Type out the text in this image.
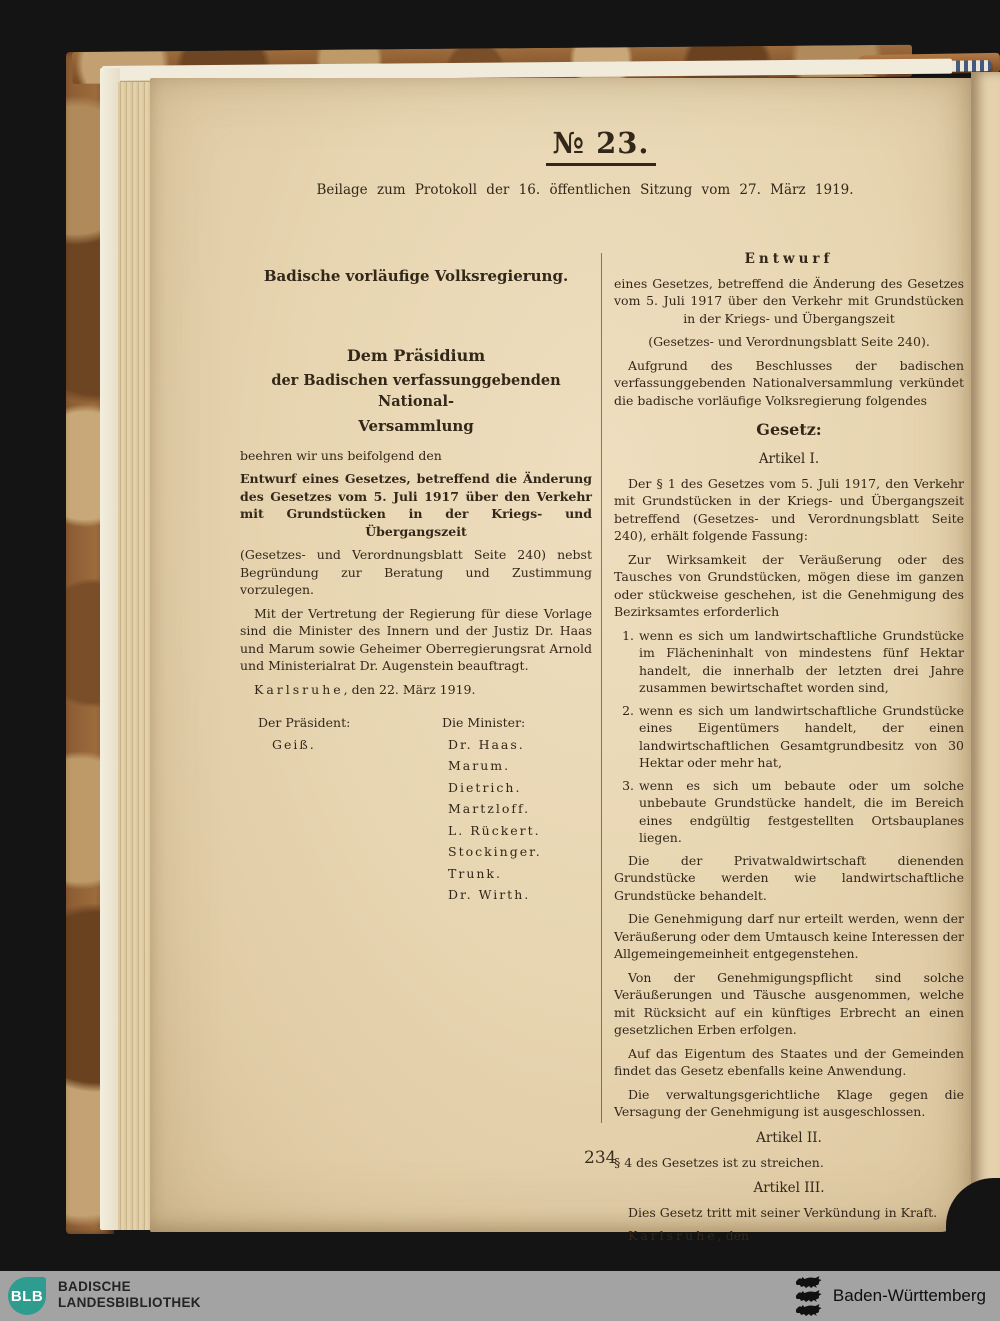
№ 23.
Beilage zum Protokoll der 16. öffentlichen Sitzung vom 27. März 1919.
Badische vorläufige Volksregierung.
Dem Präsidium
der Badischen verfassunggebenden National-
Versammlung

beehren wir uns beifolgend den

Entwurf eines Gesetzes, betreffend die Änderung des Gesetzes vom 5. Juli 1917 über den Verkehr mit Grundstücken in der Kriegs- und Übergangszeit

(Gesetzes- und Verordnungsblatt Seite 240) nebst Begründung zur Beratung und Zustimmung vorzulegen.

Mit der Vertretung der Regierung für diese Vorlage sind die Minister des Innern und der Justiz Dr. Haas und Marum sowie Geheimer Oberregierungsrat Arnold und Ministerialrat Dr. Augenstein beauftragt.

Karlsruhe, den 22. März 1919.

Der Präsident:
Geiß.
Die Minister:
Dr. Haas.
Marum.
Dietrich.
Martzloff.
L. Rückert.
Stockinger.
Trunk.
Dr. Wirth.
Entwurf

eines Gesetzes, betreffend die Änderung des Gesetzes vom 5. Juli 1917 über den Verkehr mit Grundstücken in der Kriegs- und Übergangszeit

(Gesetzes- und Verordnungsblatt Seite 240).

Aufgrund des Beschlusses der badischen verfassunggebenden Nationalversammlung verkündet die badische vorläufige Volksregierung folgendes

Gesetz:
Artikel I.

Der § 1 des Gesetzes vom 5. Juli 1917, den Verkehr mit Grundstücken in der Kriegs- und Übergangszeit betreffend (Gesetzes- und Verordnungsblatt Seite 240), erhält folgende Fassung:

Zur Wirksamkeit der Veräußerung oder des Tausches von Grundstücken, mögen diese im ganzen oder stückweise geschehen, ist die Genehmigung des Bezirksamtes erforderlich

1. wenn es sich um landwirtschaftliche Grundstücke im Flächeninhalt von mindestens fünf Hektar handelt, die innerhalb der letzten drei Jahre zusammen bewirtschaftet worden sind,
2. wenn es sich um landwirtschaftliche Grundstücke eines Eigentümers handelt, der einen landwirtschaftlichen Gesamtgrundbesitz von 30 Hektar oder mehr hat,
3. wenn es sich um bebaute oder um solche unbebaute Grundstücke handelt, die im Bereich eines endgültig festgestellten Ortsbauplanes liegen.

Die der Privatwaldwirtschaft dienenden Grundstücke werden wie landwirtschaftliche Grundstücke behandelt.

Die Genehmigung darf nur erteilt werden, wenn der Veräußerung oder dem Umtausch keine Interessen der Allgemeingemeinheit entgegenstehen.

Von der Genehmigungspflicht sind solche Veräußerungen und Täusche ausgenommen, welche mit Rücksicht auf ein künftiges Erbrecht an einen gesetzlichen Erben erfolgen.

Auf das Eigentum des Staates und der Gemeinden findet das Gesetz ebenfalls keine Anwendung.

Die verwaltungsgerichtliche Klage gegen die Versagung der Genehmigung ist ausgeschlossen.

Artikel II.

§ 4 des Gesetzes ist zu streichen.

Artikel III.

Dies Gesetz tritt mit seiner Verkündung in Kraft.

Karlsruhe, den

234
BLB
BADISCHE
LANDESBIBLIOTHEK	Baden-Württemberg
